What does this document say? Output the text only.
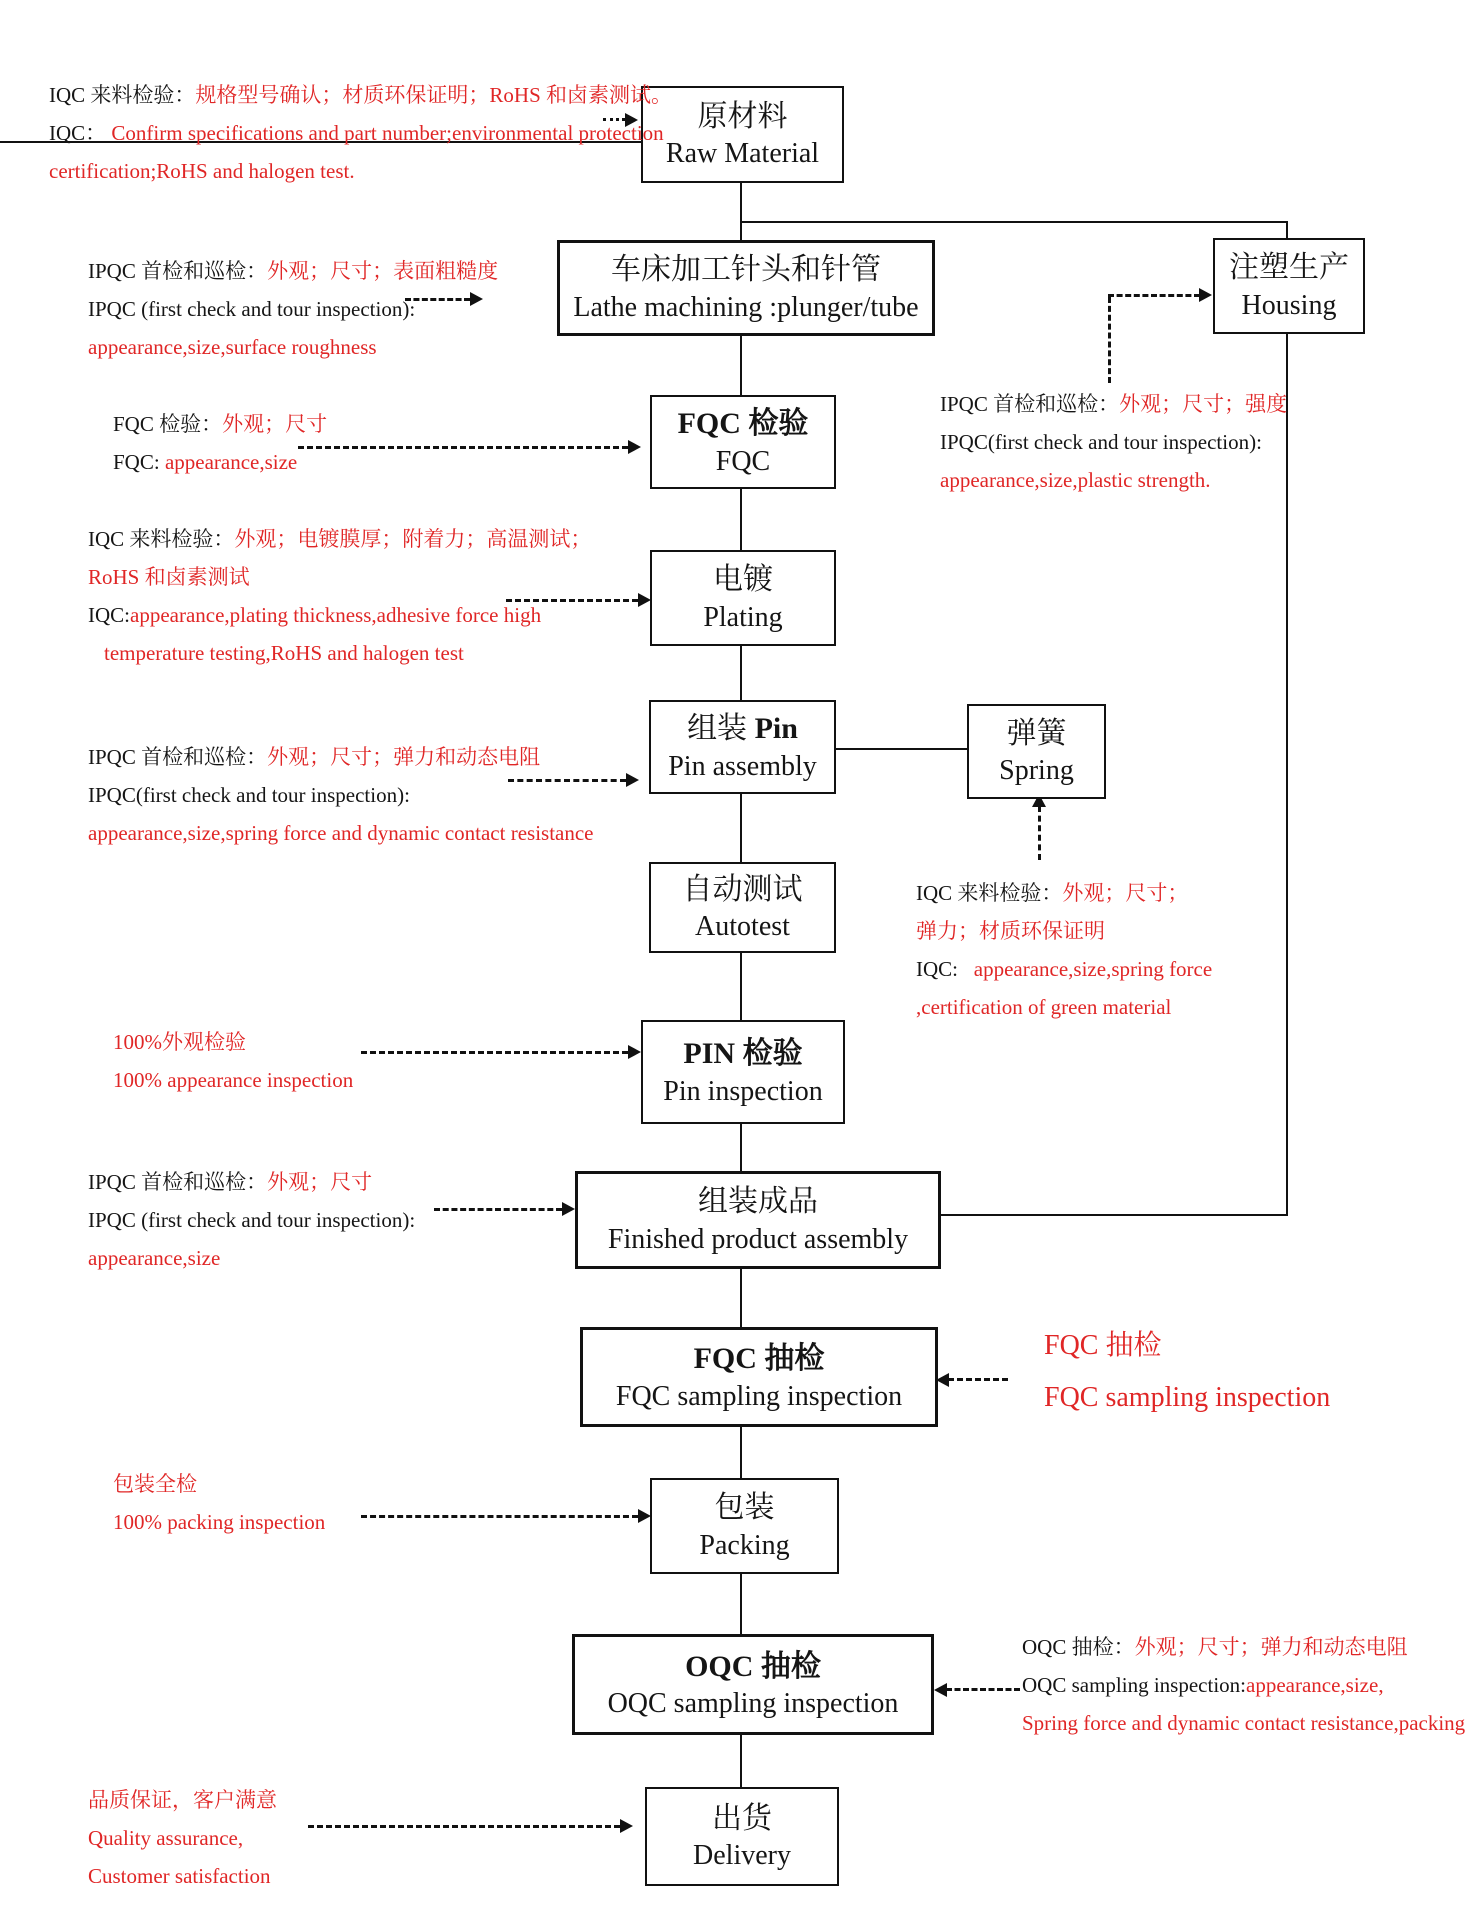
原材料
Raw Material
车床加工针头和针管
Lathe machining :plunger/tube
注塑生产
Housing
FQC 检验
FQC
电镀
Plating
组装 Pin
Pin assembly
弹簧
Spring
自动测试
Autotest
PIN 检验
Pin inspection
组装成品
Finished product assembly
FQC 抽检
FQC sampling inspection
包装
Packing
OQC 抽检
OQC sampling inspection
出货
Delivery
IQC 来料检验：规格型号确认；材质环保证明；RoHS 和卤素测试。
IQC： Confirm specifications and part number;environmental protection
certification;RoHS and halogen test.
IPQC 首检和巡检：外观；尺寸；表面粗糙度
IPQC (first check and tour inspection):
appearance,size,surface roughness
FQC 检验：外观；尺寸
FQC: appearance,size
IPQC 首检和巡检：外观；尺寸；强度
IPQC(first check and tour inspection):
appearance,size,plastic strength.
IQC 来料检验：外观；电镀膜厚；附着力；高温测试；
RoHS 和卤素测试
IQC:appearance,plating thickness,adhesive force high
temperature testing,RoHS and halogen test
IPQC 首检和巡检：外观；尺寸；弹力和动态电阻
IPQC(first check and tour inspection):
appearance,size,spring force and dynamic contact resistance
IQC 来料检验：外观；尺寸；
弹力；材质环保证明
IQC:   appearance,size,spring force
,certification of green material
100%外观检验
100% appearance inspection
IPQC 首检和巡检：外观；尺寸
IPQC (first check and tour inspection):
appearance,size
FQC 抽检
FQC sampling inspection
包装全检
100% packing inspection
OQC 抽检：外观；尺寸；弹力和动态电阻
OQC sampling inspection:appearance,size,
Spring force and dynamic contact resistance,packing
品质保证，客户满意
Quality assurance,
Customer satisfaction
